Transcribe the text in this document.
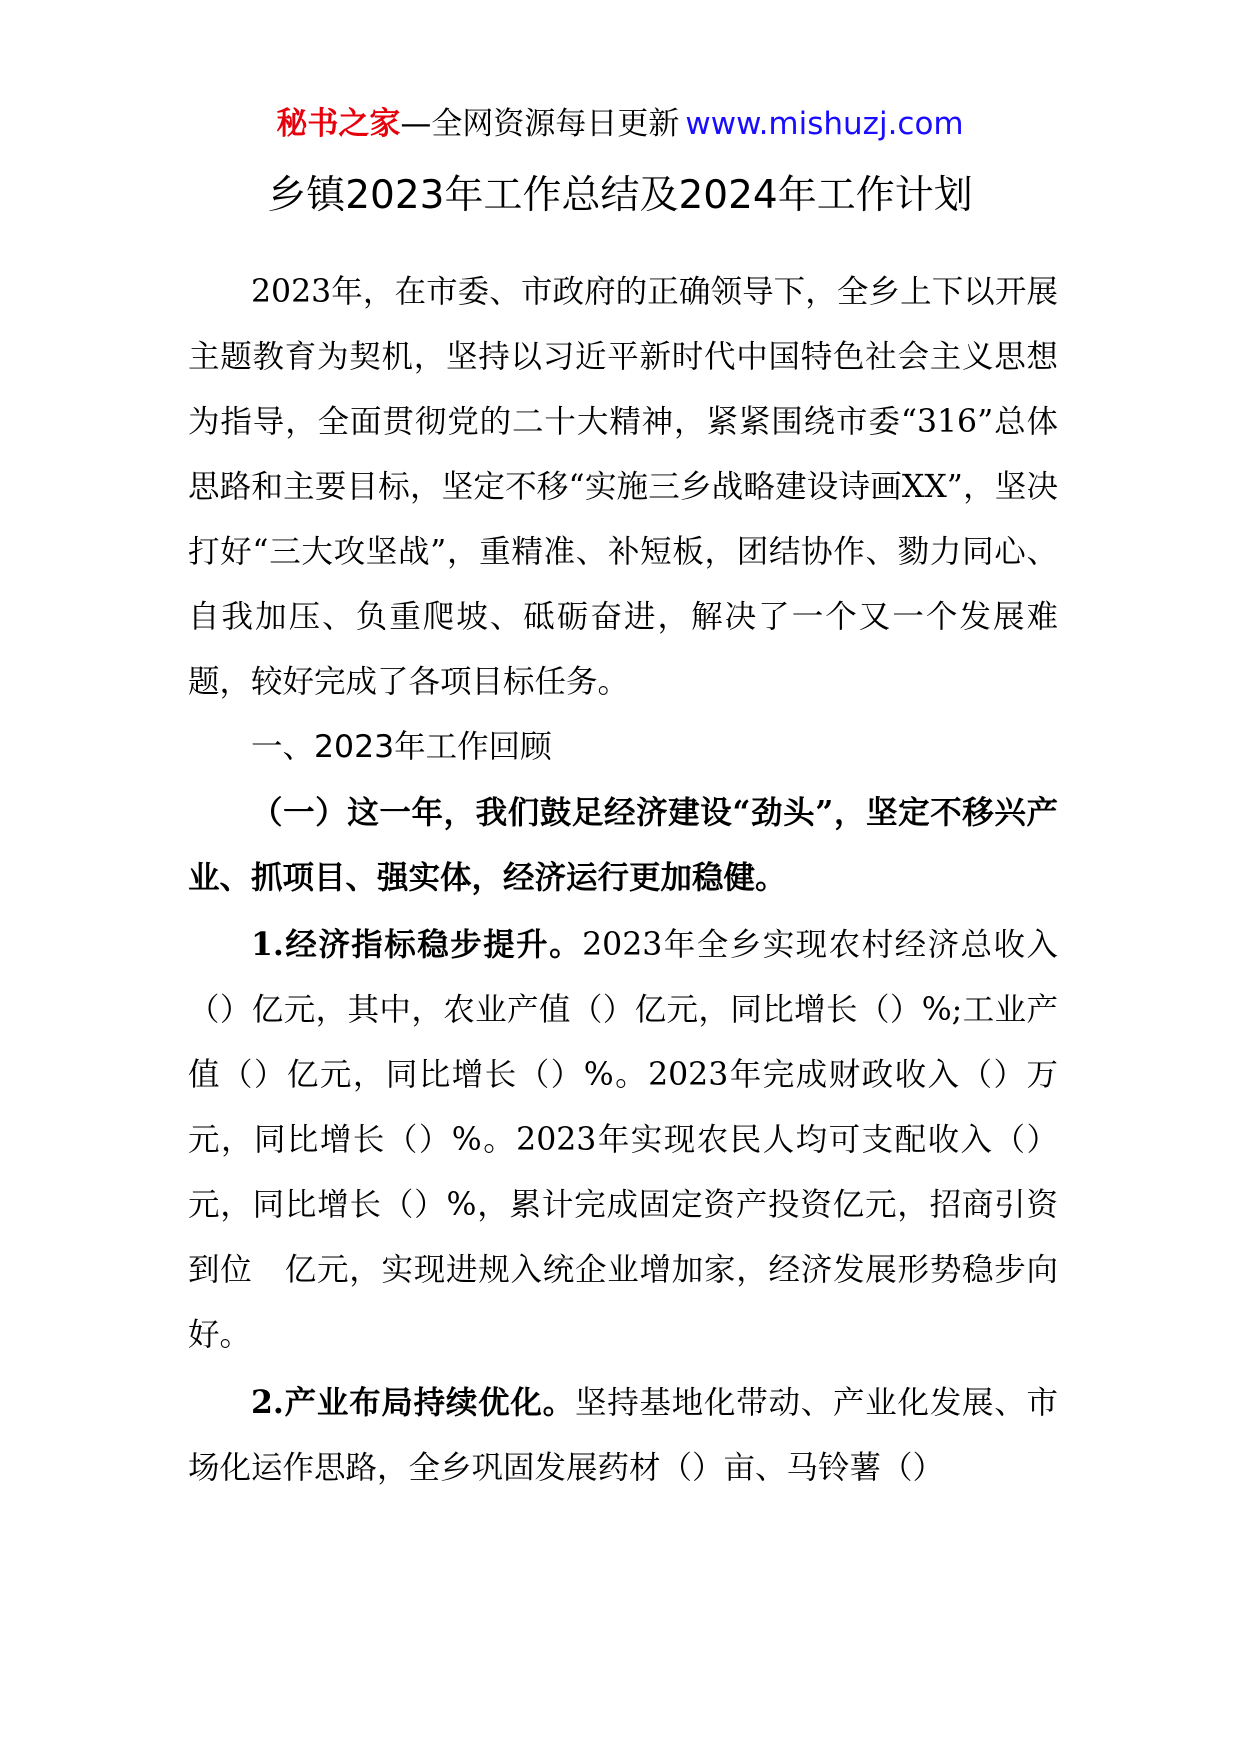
秘书之家—全网资源每日更新 www.mishuzj.com
乡镇2023年工作总结及2024年工作计划

2023年，在市委、市政府的正确领导下，全乡上下以开展主题教育为契机，坚持以习近平新时代中国特色社会主义思想为指导，全面贯彻党的二十大精神，紧紧围绕市委“316”总体思路和主要目标，坚定不移“实施三乡战略建设诗画XX”，坚决打好“三大攻坚战”，重精准、补短板，团结协作、勠力同心、自我加压、负重爬坡、砥砺奋进，解决了一个又一个发展难题，较好完成了各项目标任务。

一、2023年工作回顾

（一）这一年，我们鼓足经济建设“劲头”，坚定不移兴产业、抓项目、强实体，经济运行更加稳健。

1.经济指标稳步提升。2023年全乡实现农村经济总收入（）亿元，其中，农业产值（）亿元，同比增长（）%;工业产值（）亿元，同比增长（）%。2023年完成财政收入（）万元，同比增长（）%。2023年实现农民人均可支配收入（）元，同比增长（）%，累计完成固定资产投资亿元，招商引资到位　亿元，实现进规入统企业增加家，经济发展形势稳步向好。

2.产业布局持续优化。坚持基地化带动、产业化发展、市场化运作思路，全乡巩固发展药材（）亩、马铃薯（）
